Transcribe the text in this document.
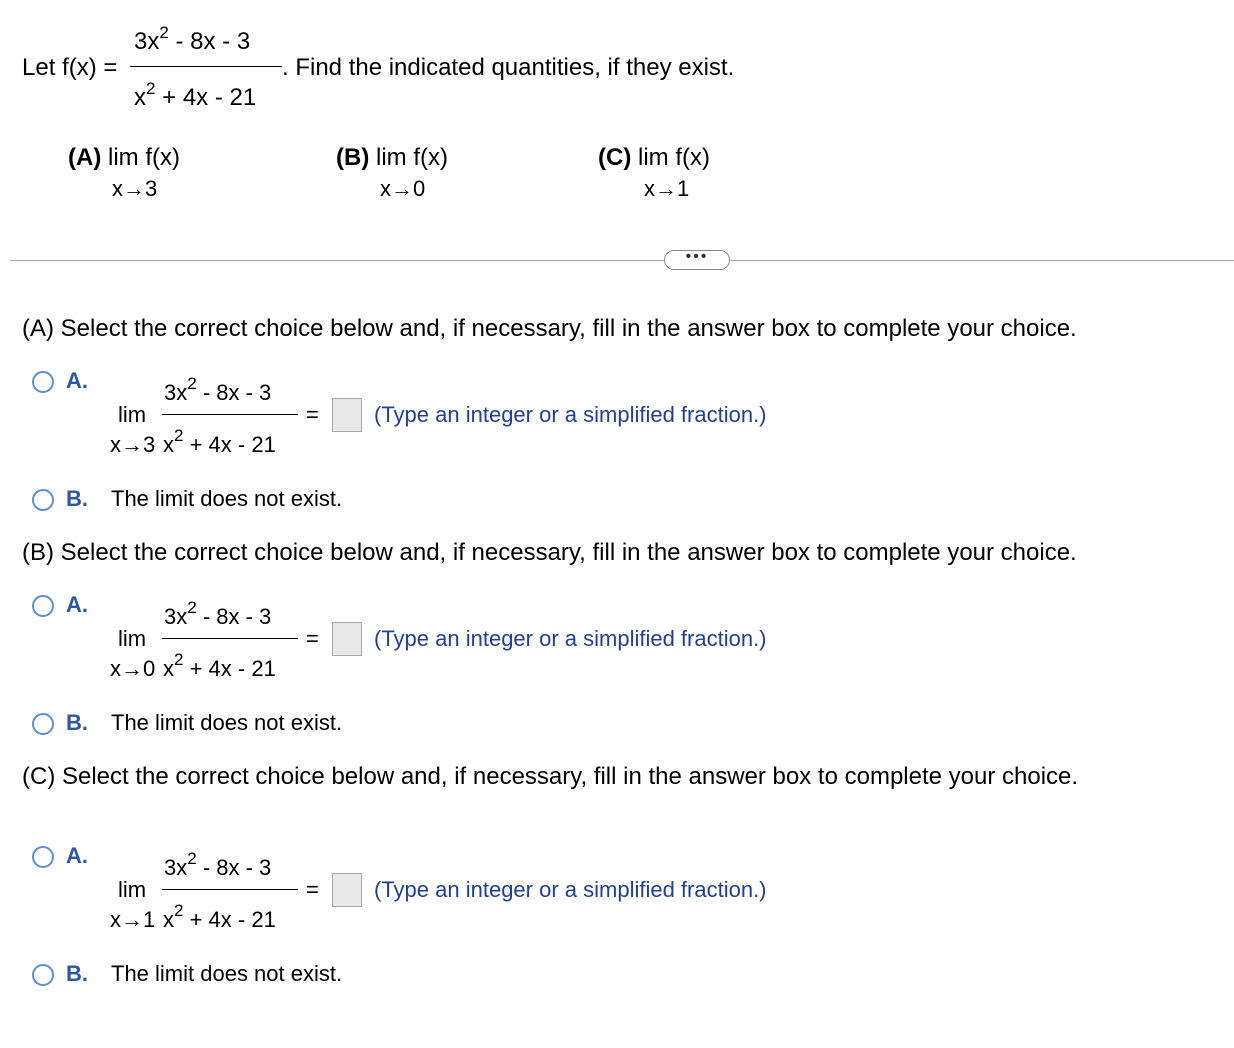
Let f(x) =
$3x^2 - 8x - 3$
$x^2 + 4x - 21$
. Find the indicated quantities, if they exist.
(A) lim f(x)
x→3
(B) lim f(x)
x→0
(C) lim f(x)
x→1
•••
(A) Select the correct choice below and, if necessary, fill in the answer box to complete your choice.
A.	$3x^2 - 8x - 3$
lim
x→3 $x^2 + 4x - 21$
=	(Type an integer or a simplified fraction.)
B. The limit does not exist.
(B) Select the correct choice below and, if necessary, fill in the answer box to complete your choice.
A.	$3x^2 - 8x - 3$
lim
x→0 $x^2 + 4x - 21$
=	(Type an integer or a simplified fraction.)
B. The limit does not exist.
(C) Select the correct choice below and, if necessary, fill in the answer box to complete your choice.
A.	$3x^2 - 8x - 3$
lim
x→1 $x^2 + 4x - 21$
=	(Type an integer or a simplified fraction.)
B. The limit does not exist.
